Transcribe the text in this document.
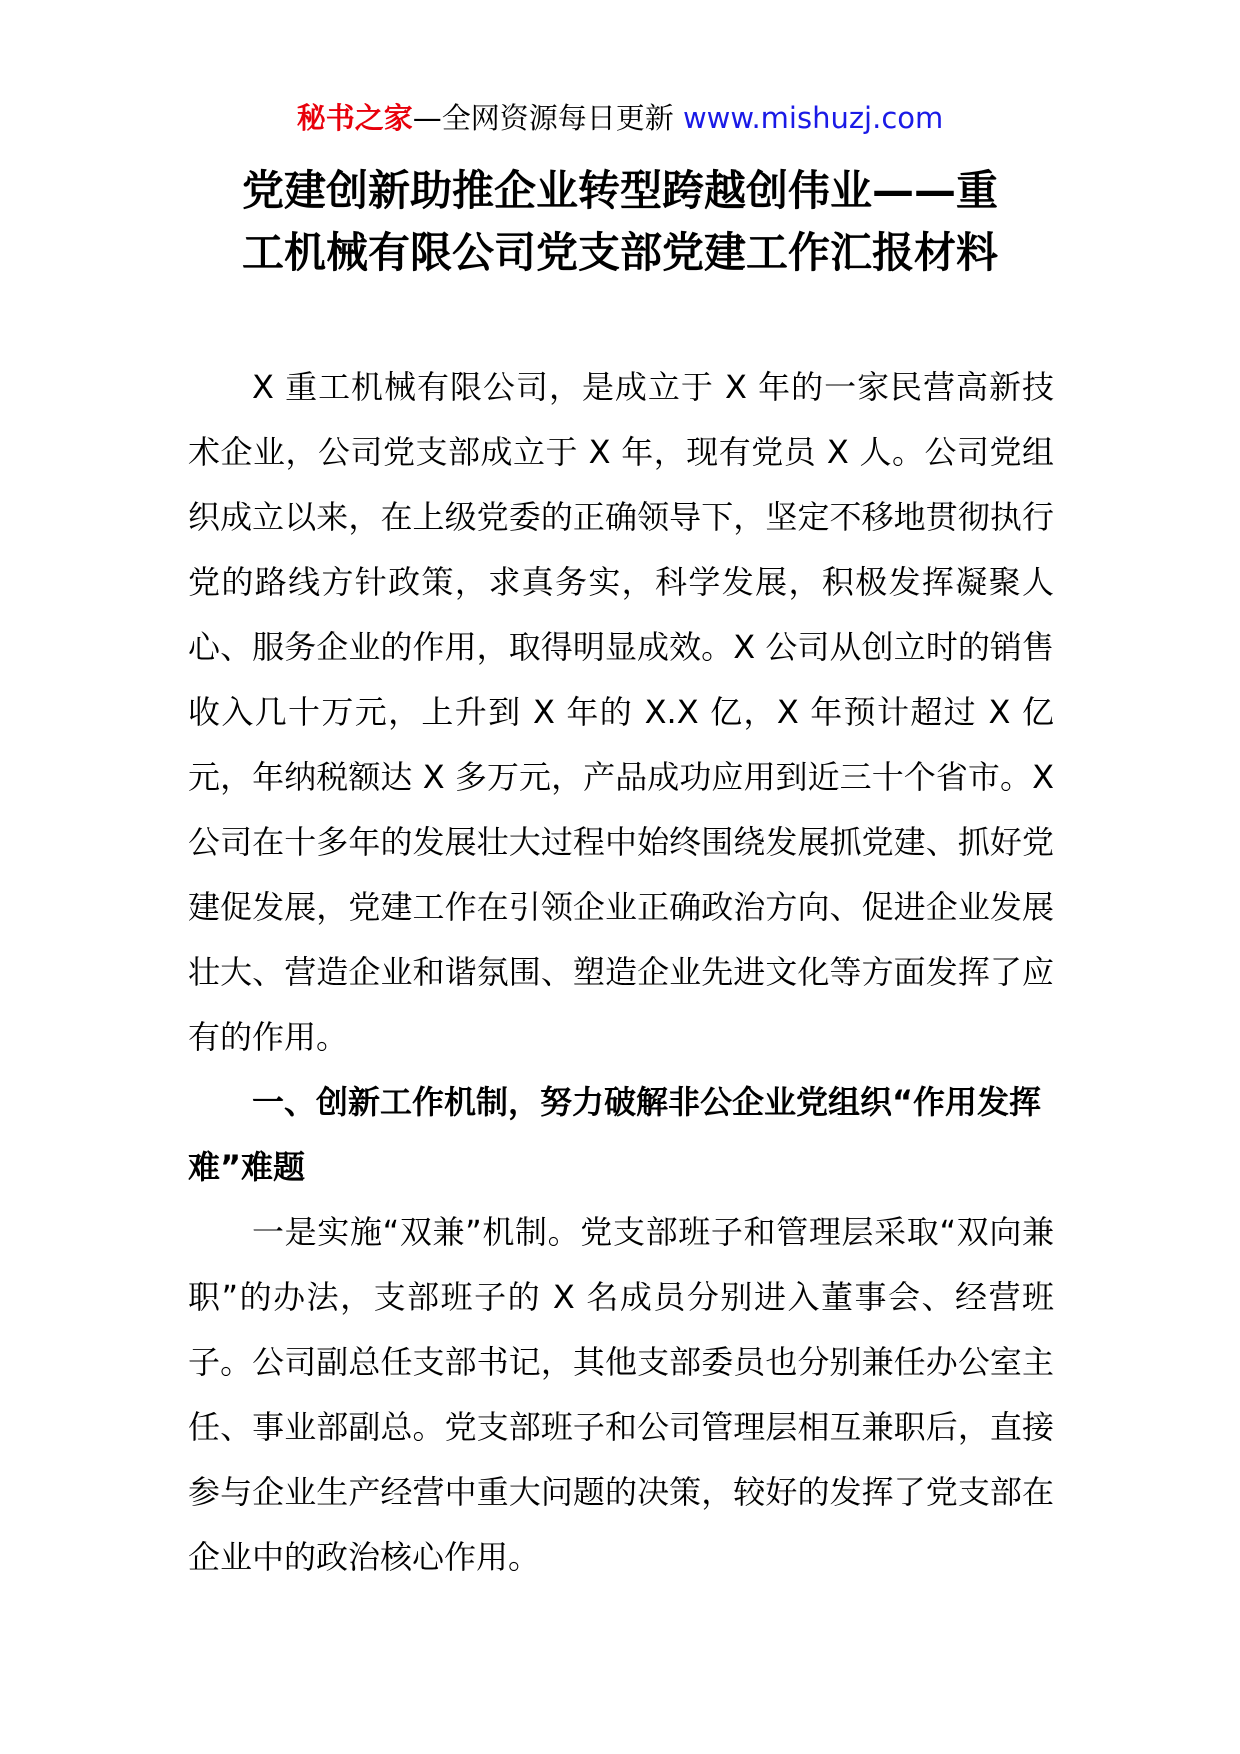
秘书之家—全网资源每日更新 www.mishuzj.com
党建创新助推企业转型跨越创伟业——重
工机械有限公司党支部党建工作汇报材料

X 重工机械有限公司，是成立于 X 年的一家民营高新技术企业，公司党支部成立于 X 年，现有党员 X 人。公司党组织成立以来，在上级党委的正确领导下，坚定不移地贯彻执行党的路线方针政策，求真务实，科学发展，积极发挥凝聚人心、服务企业的作用，取得明显成效。X 公司从创立时的销售收入几十万元，上升到 X 年的 X.X 亿，X 年预计超过 X 亿元，年纳税额达 X 多万元，产品成功应用到近三十个省市。X 公司在十多年的发展壮大过程中始终围绕发展抓党建、抓好党建促发展，党建工作在引领企业正确政治方向、促进企业发展壮大、营造企业和谐氛围、塑造企业先进文化等方面发挥了应有的作用。

一、创新工作机制，努力破解非公企业党组织“作用发挥难”难题

一是实施“双兼”机制。党支部班子和管理层采取“双向兼职”的办法，支部班子的 X 名成员分别进入董事会、经营班子。公司副总任支部书记，其他支部委员也分别兼任办公室主任、事业部副总。党支部班子和公司管理层相互兼职后，直接参与企业生产经营中重大问题的决策，较好的发挥了党支部在企业中的政治核心作用。
